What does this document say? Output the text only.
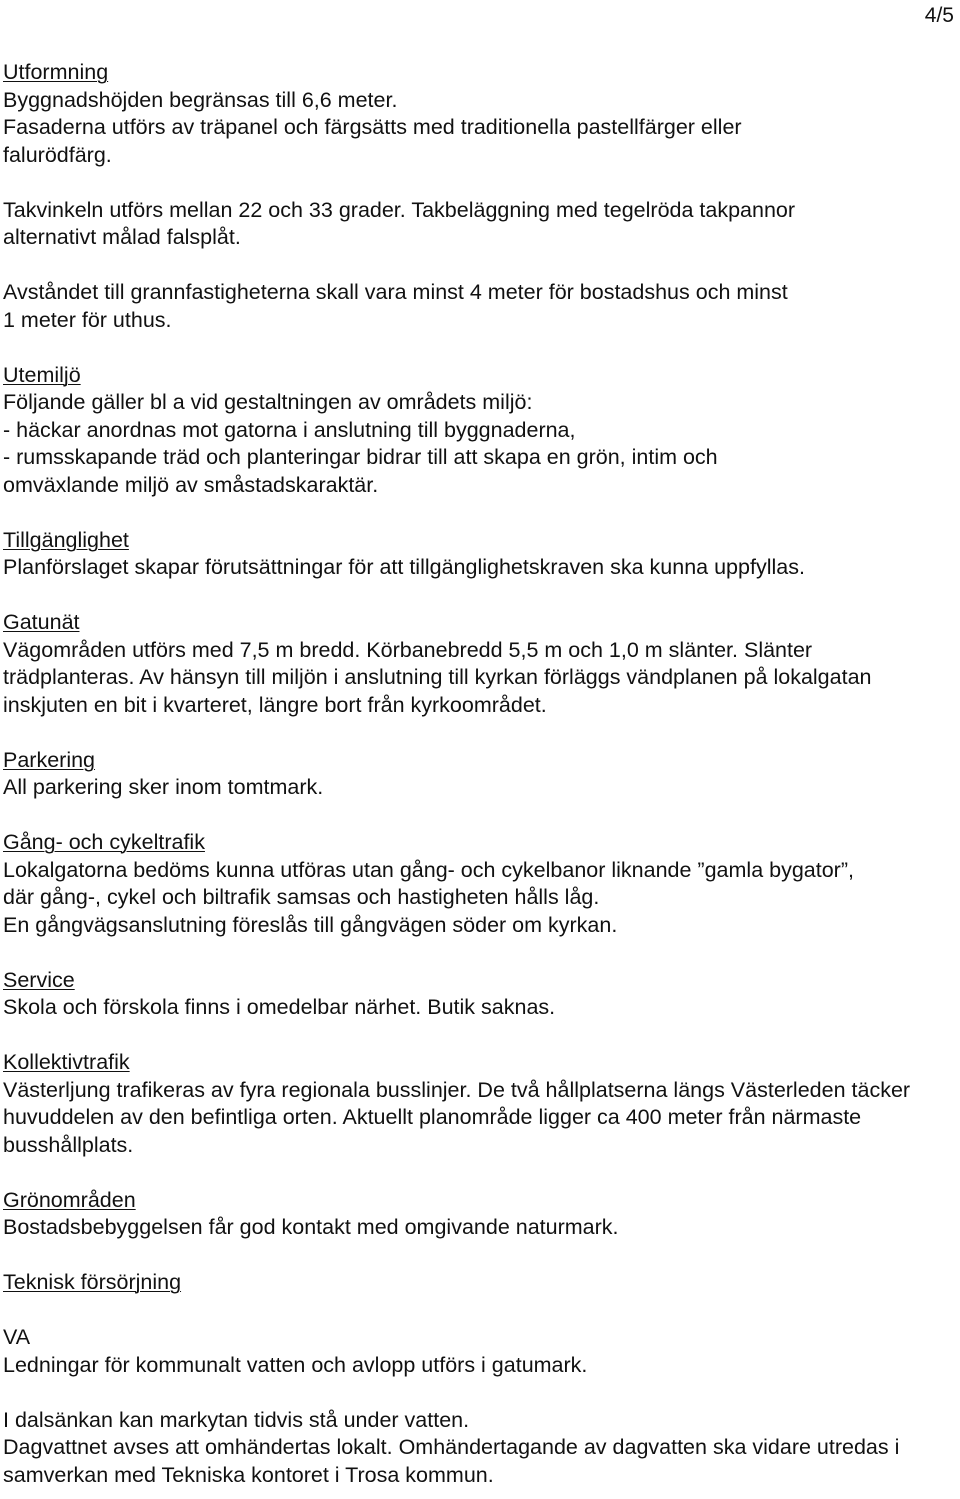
4/5
Utformning
Byggnadshöjden begränsas till 6,6 meter.
Fasaderna utförs av träpanel och färgsätts med traditionella pastellfärger eller falurödfärg.
Takvinkeln utförs mellan 22 och 33 grader. Takbeläggning med tegelröda takpannor alternativt målad falsplåt.
Avståndet till grannfastigheterna skall vara minst 4 meter för bostadshus och minst 1 meter för uthus.
Utemiljö
Följande gäller bl a vid gestaltningen av områdets miljö:
- häckar anordnas mot gatorna i anslutning till byggnaderna,
- rumsskapande träd och planteringar bidrar till att skapa en grön, intim och omväxlande miljö av småstadskaraktär.
Tillgänglighet
Planförslaget skapar förutsättningar för att tillgänglighetskraven ska kunna uppfyllas.
Gatunät
Vägområden utförs med 7,5 m bredd. Körbanebredd 5,5 m och 1,0 m slänter. Slänter trädplanteras. Av hänsyn till miljön i anslutning till kyrkan förläggs vändplanen på lokalgatan inskjuten en bit i kvarteret, längre bort från kyrkoområdet.
Parkering
All parkering sker inom tomtmark.
Gång- och cykeltrafik
Lokalgatorna bedöms kunna utföras utan gång- och cykelbanor liknande ”gamla bygator”, där gång-, cykel och biltrafik samsas och hastigheten hålls låg.
En gångvägsanslutning föreslås till gångvägen söder om kyrkan.
Service
Skola och förskola finns i omedelbar närhet. Butik saknas.
Kollektivtrafik
Västerljung trafikeras av fyra regionala busslinjer. De två hållplatserna längs Västerleden täcker huvuddelen av den befintliga orten. Aktuellt planområde ligger ca 400 meter från närmaste busshållplats.
Grönområden
Bostadsbebyggelsen får god kontakt med omgivande naturmark.
Teknisk försörjning
VA
Ledningar för kommunalt vatten och avlopp utförs i gatumark.
I dalsänkan kan markytan tidvis stå under vatten.
Dagvattnet avses att omhändertas lokalt. Omhändertagande av dagvatten ska vidare utredas i samverkan med Tekniska kontoret i Trosa kommun.
